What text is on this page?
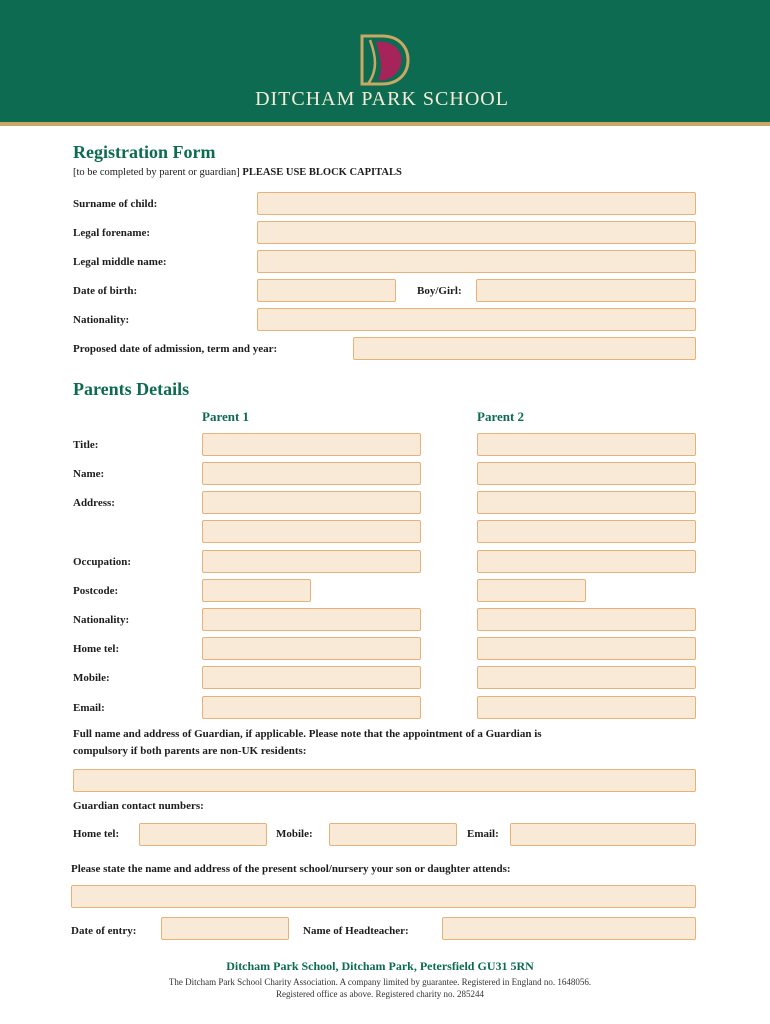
DITCHAM PARK SCHOOL
Registration Form
[to be completed by parent or guardian] PLEASE USE BLOCK CAPITALS
Surname of child:
Legal forename:
Legal middle name:
Date of birth:	Boy/Girl:
Nationality:
Proposed date of admission, term and year:
Parents Details
Parent 1	Parent 2
Title:
Name:
Address:
Occupation:
Postcode:
Nationality:
Home tel:
Mobile:
Email:
Full name and address of Guardian, if applicable. Please note that the appointment of a Guardian is
compulsory if both parents are non-UK residents:
Guardian contact numbers:
Home tel:	Mobile:	Email:
Please state the name and address of the present school/nursery your son or daughter attends:
Date of entry:	Name of Headteacher:
Ditcham Park School, Ditcham Park, Petersfield GU31 5RN
The Ditcham Park School Charity Association. A company limited by guarantee. Registered in England no. 1648056.
Registered office as above. Registered charity no. 285244
